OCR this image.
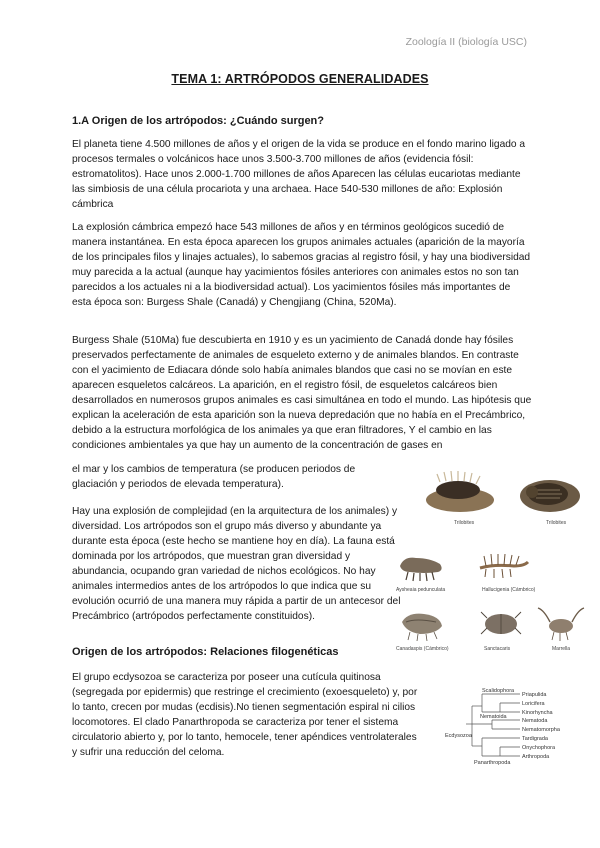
Zoología II (biología USC)
TEMA 1: ARTRÓPODOS GENERALIDADES
1.A Origen de los artrópodos: ¿Cuándo surgen?
El planeta tiene 4.500 millones de años y el origen de la vida se produce en el fondo marino ligado a procesos termales o volcánicos hace unos 3.500-3.700 millones de años (evidencia fósil: estromatolitos). Hace unos 2.000-1.700 millones de años Aparecen las células eucariotas mediante las simbiosis de una célula procariota y una archaea. Hace 540-530 millones de año: Explosión cámbrica
La explosión cámbrica empezó hace 543 millones de años y en términos geológicos sucedió de manera instantánea. En esta época aparecen los grupos animales actuales (aparición de la mayoría de los principales filos y linajes actuales), lo sabemos gracias al registro fósil, y hay una biodiversidad muy parecida a la actual (aunque hay yacimientos fósiles anteriores con animales estos no son tan parecidos a los actuales ni a la biodiversidad actual). Los yacimientos fósiles más importantes de esta época son: Burgess Shale (Canadá) y Chengjiang (China, 520Ma).
Burgess Shale (510Ma) fue descubierta en 1910 y es un yacimiento de Canadá donde hay fósiles preservados perfectamente de animales de esqueleto externo y de animales blandos. En contraste con el yacimiento de Ediacara dónde solo había animales blandos que casi no se movían en este aparecen esqueletos calcáreos. La aparición, en el registro fósil, de esqueletos calcáreos bien desarrollados en numerosos grupos animales es casi simultánea en todo el mundo. Las hipótesis que explican la aceleración de esta aparición son la nueva depredación que no había en el Precámbrico, debido a la estructura morfológica de los animales ya que eran filtradores, Y el cambio en las condiciones ambientales ya que hay un aumento de la concentración de gases en
el mar y los cambios de temperatura (se producen periodos de glaciación y periodos de elevada temperatura).
Hay una explosión de complejidad (en la arquitectura de los animales) y diversidad. Los artrópodos son el grupo más diverso y abundante ya durante esta época (este hecho se mantiene hoy en día). La fauna está dominada por los artrópodos, que muestran gran diversidad y abundancia, ocupando gran variedad de nichos ecológicos. No hay animales intermedios antes de los artrópodos lo que indica que su evolución ocurrió de una manera muy rápida a partir de un antecesor del Precámbrico (artrópodos perfectamente constituidos).
Origen de los artrópodos: Relaciones filogenéticas
El grupo ecdysozoa se caracteriza por poseer una cutícula quitinosa (segregada por epidermis) que restringe el crecimiento (exoesqueleto) y, por lo tanto, crecen por mudas (ecdisis).No tienen segmentación espiral ni cilios locomotores. El clado Panarthropoda se caracteriza por tener el sistema circulatorio abierto y, por lo tanto, hemocele, tener apéndices ventrolaterales y sufrir una reducción del celoma.
Trilobites	Trilobites
Aysheaia pedunculata	Hallucigenia (Cámbrico)
Canadaspis (Cámbrico)	Sanctacaris	Marrella
Ecdysozoa
Scalidophora
Nematoida
Panarthropoda
Priapulida
Loricifera
Kinorhyncha
Nematoda
Nematomorpha
Tardigrada
Onychophora
Arthropoda
